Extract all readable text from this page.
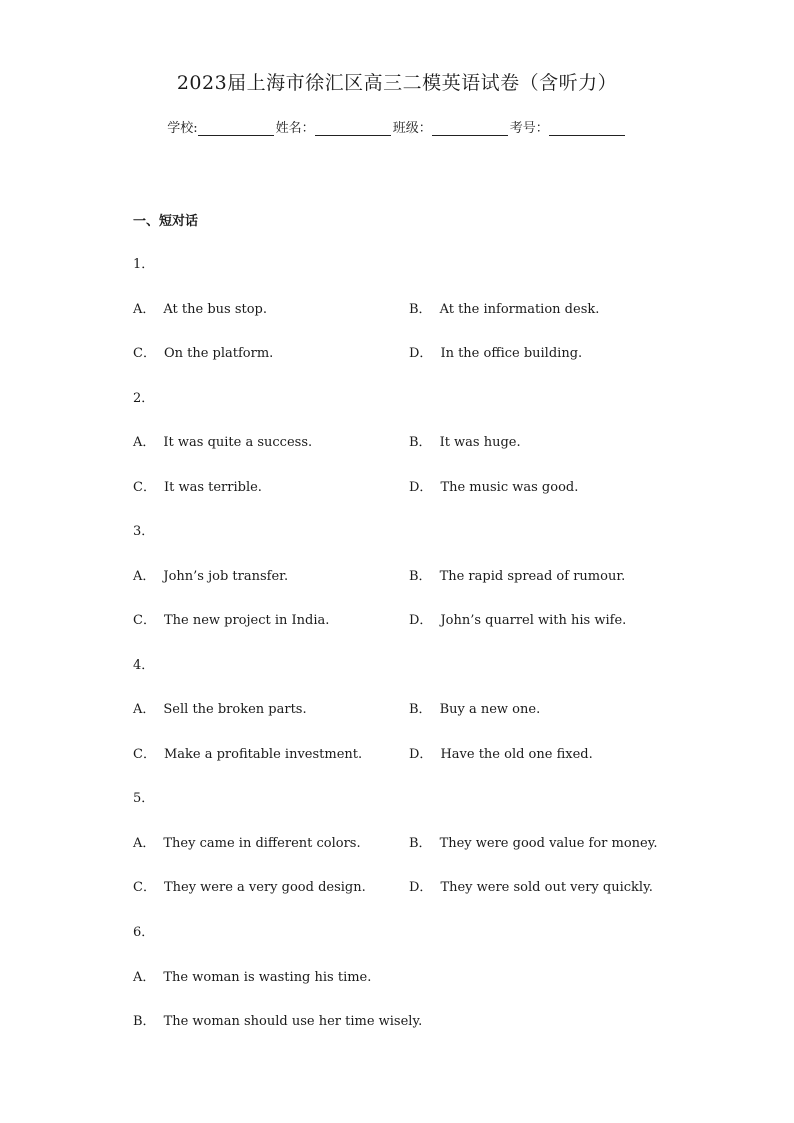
2023届上海市徐汇区高三二模英语试卷（含听力）
学校:	姓名：	班级：	考号：
一、短对话
1．
A． At the bus stop.	B． At the information desk.
C． On the platform.	D． In the office building.
2．
A． It was quite a success.	B． It was huge.
C． It was terrible.	D． The music was good.
3．
A． John’s job transfer.	B． The rapid spread of rumour.
C． The new project in India.	D． John’s quarrel with his wife.
4．
A． Sell the broken parts.	B． Buy a new one.
C． Make a profitable investment.	D． Have the old one fixed.
5．
A． They came in different colors.	B． They were good value for money.
C． They were a very good design.	D． They were sold out very quickly.
6．
A． The woman is wasting his time.
B． The woman should use her time wisely.
